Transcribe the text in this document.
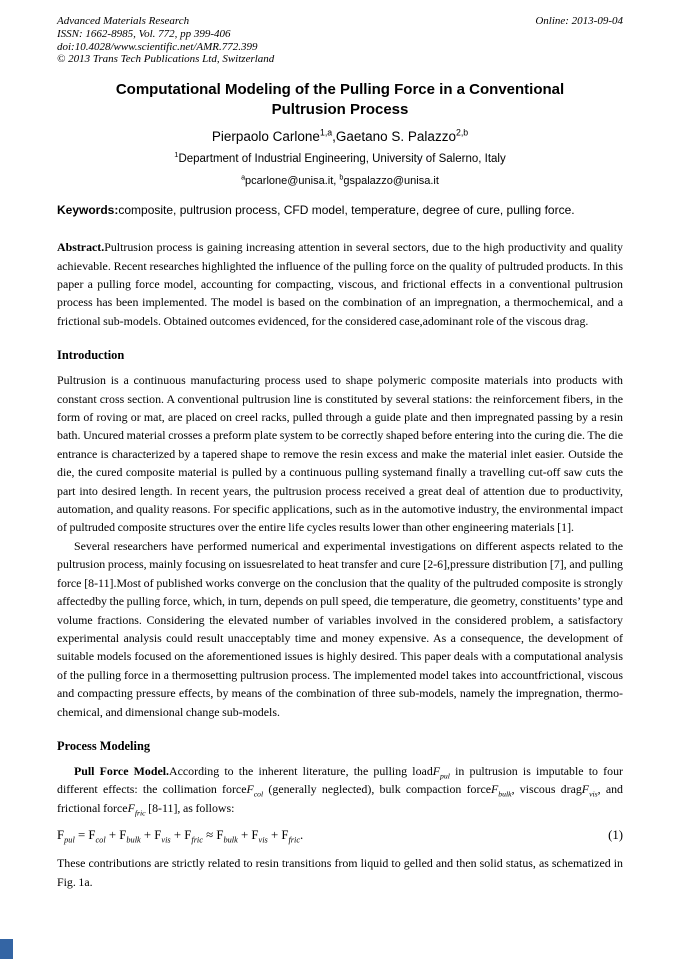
Advanced Materials Research	Online: 2013-09-04
ISSN: 1662-8985, Vol. 772, pp 399-406
doi:10.4028/www.scientific.net/AMR.772.399
© 2013 Trans Tech Publications Ltd, Switzerland
Computational Modeling of the Pulling Force in a Conventional Pultrusion Process
Pierpaolo Carlone$^{1,a}$,Gaetano S. Palazzo$^{2,b}$
$^1$Department of Industrial Engineering, University of Salerno, Italy
$^a$pcarlone@unisa.it, $^b$gspalazzo@unisa.it

Keywords:composite, pultrusion process, CFD model, temperature, degree of cure, pulling force.

Abstract.Pultrusion process is gaining increasing attention in several sectors, due to the high productivity and quality achievable. Recent researches highlighted the influence of the pulling force on the quality of pultruded products. In this paper a pulling force model, accounting for compacting, viscous, and frictional effects in a conventional pultrusion process has been implemented. The model is based on the combination of an impregnation, a thermochemical, and a frictional sub-models. Obtained outcomes evidenced, for the considered case,adominant role of the viscous drag.

Introduction

Pultrusion is a continuous manufacturing process used to shape polymeric composite materials into products with constant cross section. A conventional pultrusion line is constituted by several stations: the reinforcement fibers, in the form of roving or mat, are placed on creel racks, pulled through a guide plate and then impregnated passing by a resin bath. Uncured material crosses a preform plate system to be correctly shaped before entering into the curing die. The die entrance is characterized by a tapered shape to remove the resin excess and make the material inlet easier. Outside the die, the cured composite material is pulled by a continuous pulling systemand finally a travelling cut-off saw cuts the part into desired length. In recent years, the pultrusion process received a great deal of attention due to productivity, automation, and quality reasons. For specific applications, such as in the automotive industry, the environmental impact of pultruded composite structures over the entire life cycles results lower than other engineering materials [1].

Several researchers have performed numerical and experimental investigations on different aspects related to the pultrusion process, mainly focusing on issuesrelated to heat transfer and cure [2-6],pressure distribution [7], and pulling force [8-11].Most of published works converge on the conclusion that the quality of the pultruded composite is strongly affectedby the pulling force, which, in turn, depends on pull speed, die temperature, die geometry, constituents’ type and volume fractions. Considering the elevated number of variables involved in the considered problem, a satisfactory experimental analysis could result unacceptably time and money expensive. As a consequence, the development of suitable models focused on the aforementioned issues is highly desired. This paper deals with a computational analysis of the pulling force in a thermosetting pultrusion process. The implemented model takes into accountfrictional, viscous and compacting pressure effects, by means of the combination of three sub-models, namely the impregnation, thermo-chemical, and dimensional change sub-models.

Process Modeling

Pull Force Model.According to the inherent literature, the pulling loadF$_{pul}$ in pultrusion is imputable to four different effects: the collimation forceF$_{col}$ (generally neglected), bulk compaction forceF$_{bulk}$, viscous dragF$_{vis}$, and frictional forceF$_{fric}$ [8-11], as follows:

$F_{pul} = F_{col} + F_{bulk} + F_{vis} + F_{fric} \approx F_{bulk} + F_{vis} + F_{fric}$.	(1)

These contributions are strictly related to resin transitions from liquid to gelled and then solid status, as schematized in Fig. 1a.
